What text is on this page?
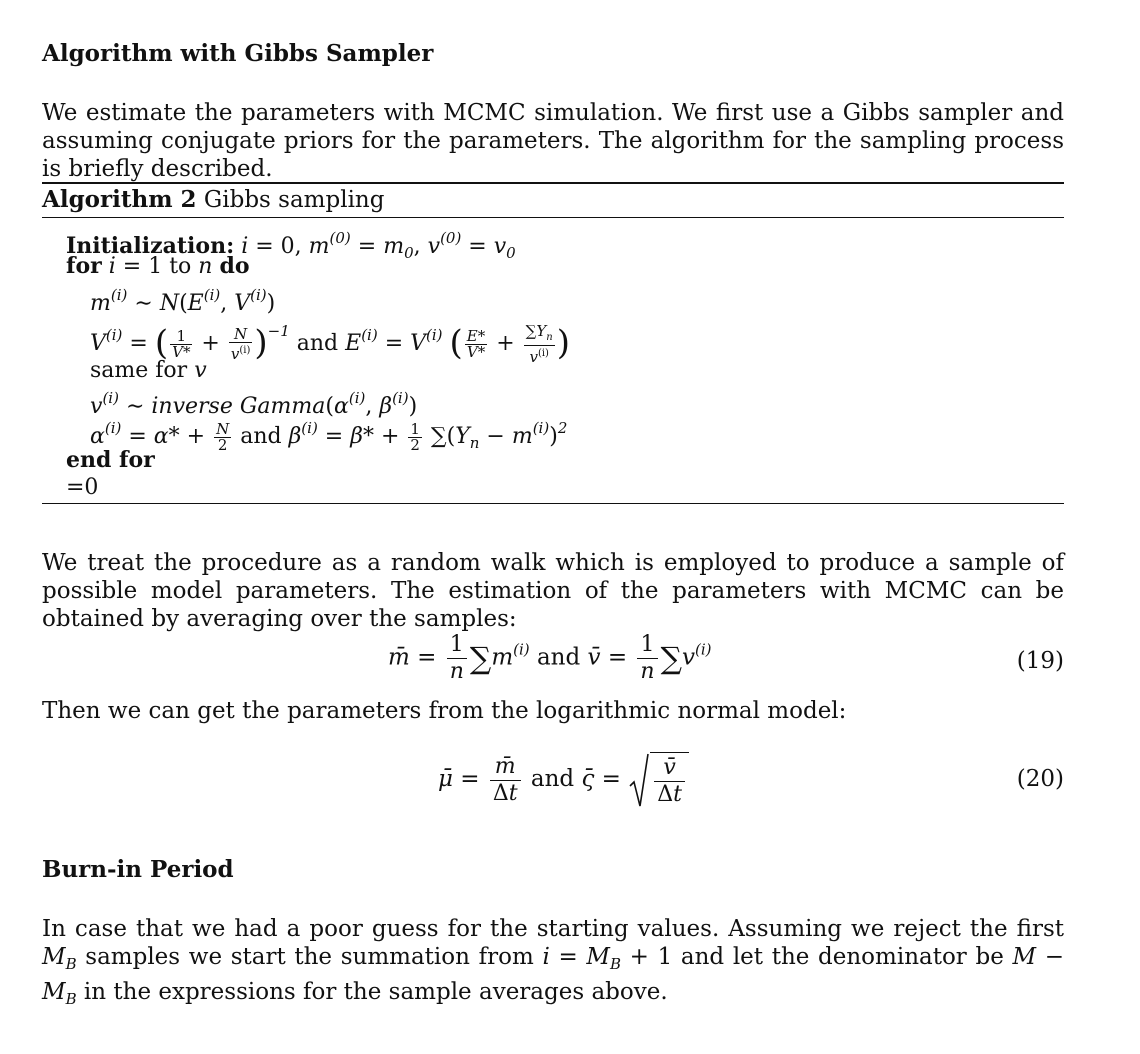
Algorithm with Gibbs Sampler
We estimate the parameters with MCMC simulation. We first use a Gibbs sampler and assuming conjugate priors for the parameters. The algorithm for the sampling process is briefly described.
Algorithm 2 Gibbs sampling
Initialization: i = 0, $m^{(0)} = m_0$, $v^{(0)} = v_0$
for i = 1 to n do
$m^{(i)}$ ∼ $N(E^{(i)}$, $V^{(i)}$)
$V^{(i)}$ = ( $\frac{1}{V*} + \frac{N}{v^{(i)}} )^{-1}$ and $E^{(i)} = V^{(i)}$ ( $\frac{E*}{V*} + \frac{\sum Y_n}{v^{(i)}}$ )
same for v
$v^{(i)}$ ∼ inverse $Gamma(\alpha^{(i)}$, $\beta^{(i)}$)
$\alpha^{(i)} = \alpha* + \frac{N}{2}$ and $\beta^{(i)} = \beta* + \frac{1}{2} \sum(Y_n - m^{(i)})^2$
end for
=0
We treat the procedure as a random walk which is employed to produce a sample of possible model parameters. The estimation of the parameters with MCMC can be obtained by averaging over the samples:
m̄ = $\frac{1}{n} \sum m^{(i)}$ and v̄ = $\frac{1}{n} \sum v^{(i)}$	(19)
Then we can get the parameters from the logarithmic normal model:
μ̄ = $\frac{m̄}{\Delta t}$ and ς̄ = $\frac{v̄}{\Delta t}$	(20)
Burn-in Period
In case that we had a poor guess for the starting values. Assuming we reject the first $M_B$ samples we start the summation from $i = M_B + 1$ and let the denominator be $M - M_B$ in the expressions for the sample averages above.
